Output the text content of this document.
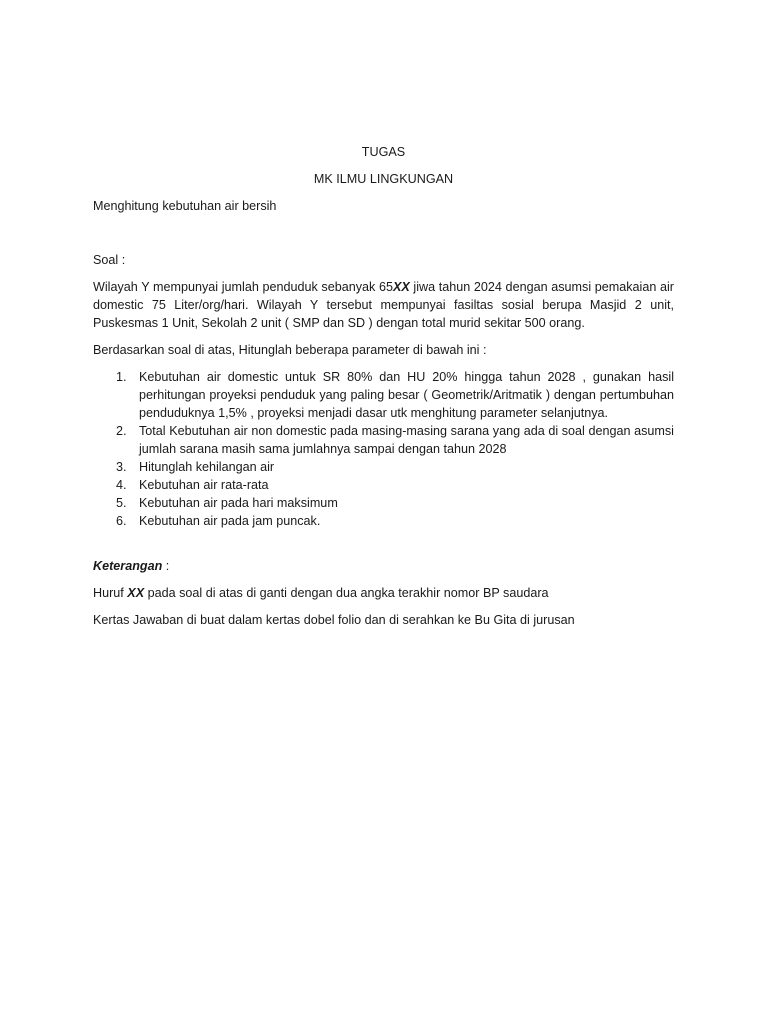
TUGAS

MK ILMU LINGKUNGAN

Menghitung kebutuhan air bersih

Soal :

Wilayah Y mempunyai jumlah penduduk sebanyak 65XX jiwa tahun 2024 dengan asumsi pemakaian air domestic 75 Liter/org/hari. Wilayah Y tersebut mempunyai fasiltas sosial berupa Masjid 2 unit, Puskesmas 1 Unit, Sekolah 2 unit ( SMP dan SD ) dengan total murid sekitar 500 orang.

Berdasarkan soal di atas, Hitunglah beberapa parameter di bawah ini :

1. Kebutuhan air domestic untuk SR 80% dan HU 20% hingga tahun 2028 , gunakan hasil perhitungan proyeksi penduduk yang paling besar ( Geometrik/Aritmatik ) dengan pertumbuhan penduduknya 1,5% , proyeksi menjadi dasar utk menghitung parameter selanjutnya.
2. Total Kebutuhan air non domestic pada masing-masing sarana yang ada di soal dengan asumsi jumlah sarana masih sama jumlahnya sampai dengan tahun 2028
3. Hitunglah kehilangan air
4. Kebutuhan air rata-rata
5. Kebutuhan air pada hari maksimum
6. Kebutuhan air pada jam puncak.

Keterangan :

Huruf XX pada soal di atas di ganti dengan dua angka terakhir nomor BP saudara

Kertas Jawaban di buat dalam kertas dobel folio dan di serahkan ke Bu Gita di jurusan
